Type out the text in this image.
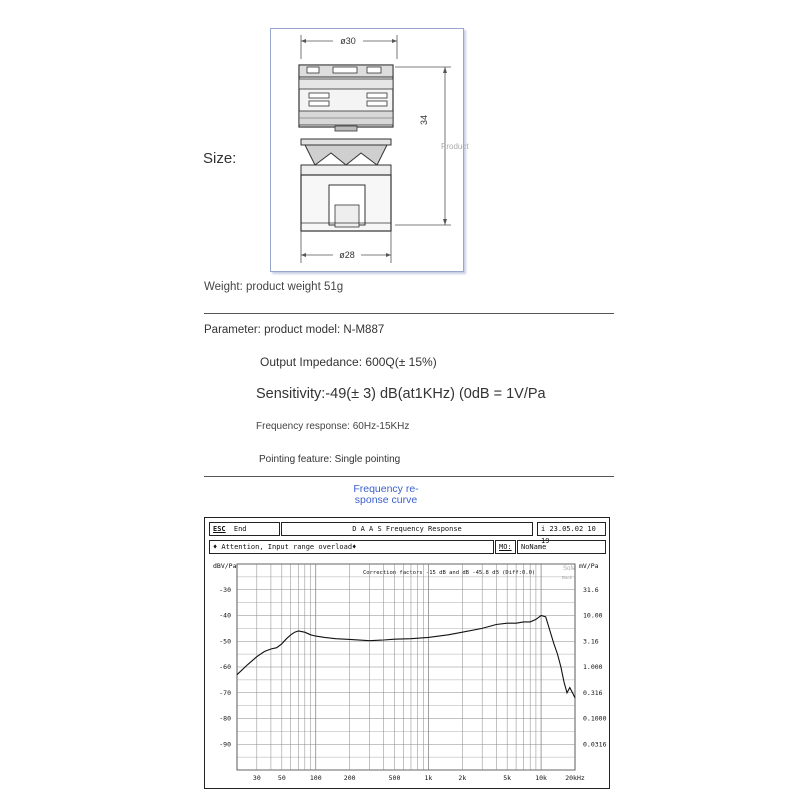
Size:
ø30
34
Product
ø28
Weight: product weight 51g
Parameter: product model: N-M887
Output Impedance: 600Q(± 15%)
Sensitivity:-49(± 3) dB(at1KHz) (0dB = 1V/Pa
Frequency response: 60Hz-15KHz
Pointing feature: Single pointing
Frequency re-
sponse curve
ESC End	D A A S Frequency Response	i 23.05.02 10 19
♦ Attention, Input range overload♦	MO:	NoName
dBV/Pa	mV/Pa
Correction factors -15 dB and dB -45.8 dB (Diff:0.0)
Sofe
Back
30	50	100	200	500	1k	2k	5k	10k	20kHz
-30	31.6
-40	10.00
-50	3.16
-60	1.000
-70	0.316
-80	0.1000
-90	0.0316
